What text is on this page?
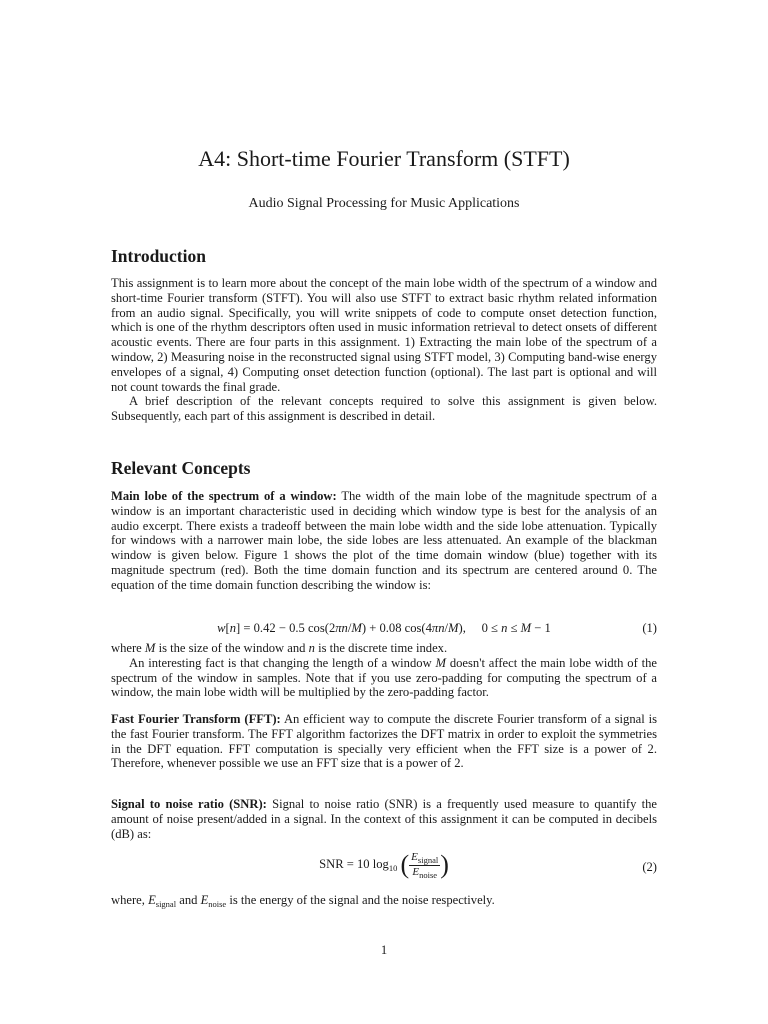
A4: Short-time Fourier Transform (STFT)
Audio Signal Processing for Music Applications
Introduction

This assignment is to learn more about the concept of the main lobe width of the spectrum of a window and short-time Fourier transform (STFT). You will also use STFT to extract basic rhythm related information from an audio signal. Specifically, you will write snippets of code to compute onset detection function, which is one of the rhythm descriptors often used in music information retrieval to detect onsets of different acoustic events. There are four parts in this assignment. 1) Extracting the main lobe of the spectrum of a window, 2) Measuring noise in the reconstructed signal using STFT model, 3) Computing band-wise energy envelopes of a signal, 4) Computing onset detection function (optional). The last part is optional and will not count towards the final grade.

A brief description of the relevant concepts required to solve this assignment is given below. Subsequently, each part of this assignment is described in detail.

Relevant Concepts

Main lobe of the spectrum of a window: The width of the main lobe of the magnitude spectrum of a window is an important characteristic used in deciding which window type is best for the analysis of an audio excerpt. There exists a tradeoff between the main lobe width and the side lobe attenuation. Typically for windows with a narrower main lobe, the side lobes are less attenuated. An example of the blackman window is given below. Figure 1 shows the plot of the time domain window (blue) together with its magnitude spectrum (red). Both the time domain function and its spectrum are centered around 0. The equation of the time domain function describing the window is:

w[n] = 0.42 − 0.5 cos(2πn/M) + 0.08 cos(4πn/M),     0 ≤ n ≤ M − 1	(1)

where M is the size of the window and n is the discrete time index.

An interesting fact is that changing the length of a window M doesn't affect the main lobe width of the spectrum of the window in samples. Note that if you use zero-padding for computing the spectrum of a window, the main lobe width will be multiplied by the zero-padding factor.

Fast Fourier Transform (FFT): An efficient way to compute the discrete Fourier transform of a signal is the fast Fourier transform. The FFT algorithm factorizes the DFT matrix in order to exploit the symmetries in the DFT equation. FFT computation is specially very efficient when the FFT size is a power of 2. Therefore, whenever possible we use an FFT size that is a power of 2.

Signal to noise ratio (SNR): Signal to noise ratio (SNR) is a frequently used measure to quantify the amount of noise present/added in a signal. In the context of this assignment it can be computed in decibels (dB) as:

SNR = 10 $\log_{10}$ ( $\frac{E_{signal}}{E_{noise}}$ )	(2)

where, $E_{signal}$ and $E_{noise}$ is the energy of the signal and the noise respectively.

1
